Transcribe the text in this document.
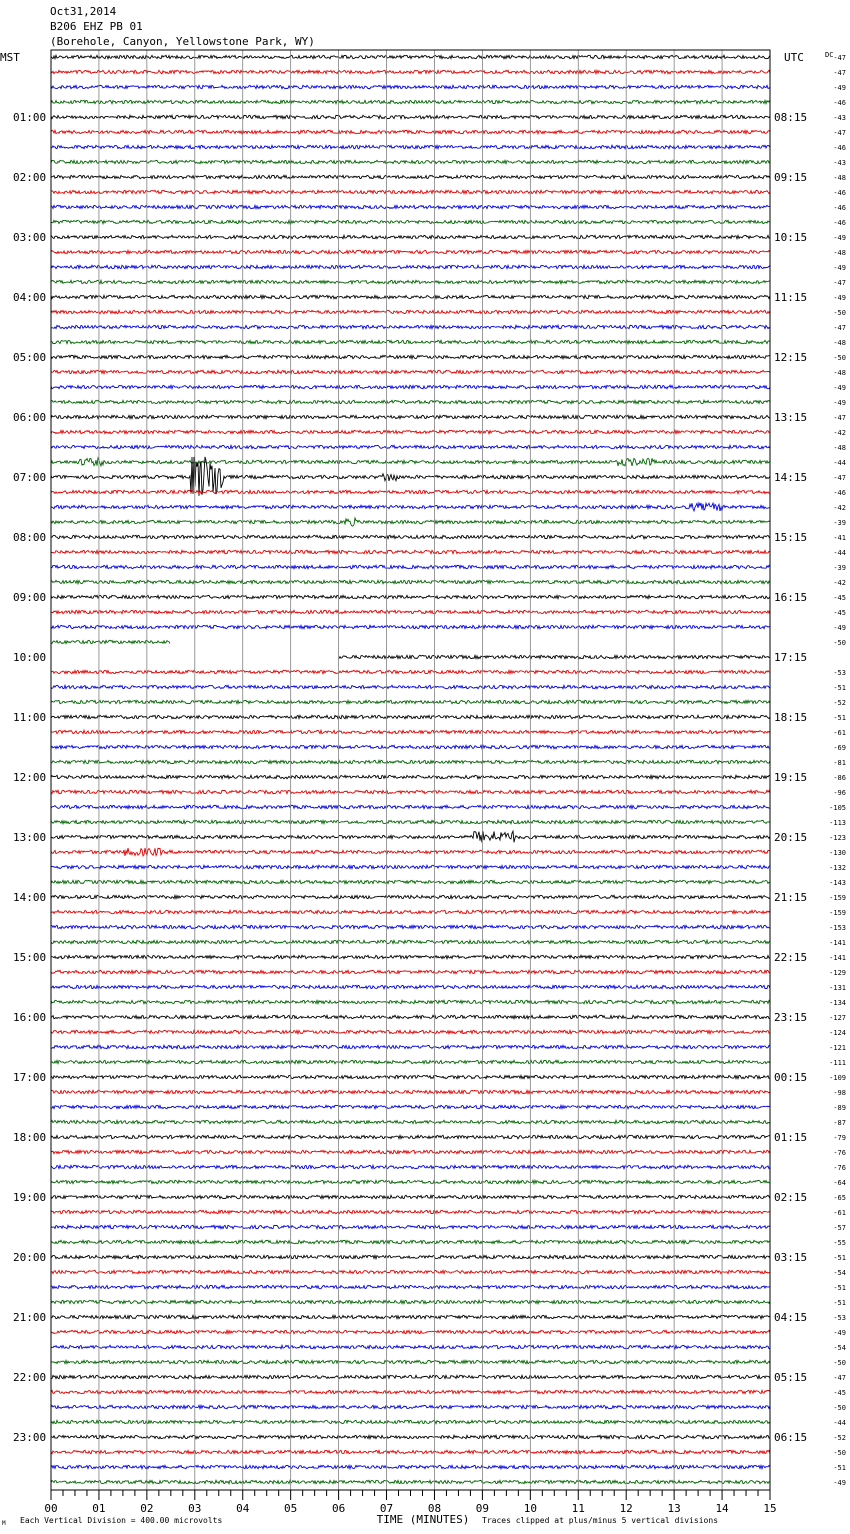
Oct31,2014
B206 EHZ PB 01
(Borehole, Canyon, Yellowstone Park, WY)
MST	UTC	DC
TIME (MINUTES)
Each Vertical Division = 400.00 microvolts	Traces clipped at plus/minus 5 vertical divisions
M
01:00
02:00
03:00
04:00
05:00
06:00
07:00
08:00
09:00
10:00
11:00
12:00
13:00
14:00
15:00
16:00
17:00
18:00
19:00
20:00
21:00
22:00
23:00
08:15
09:15
10:15
11:15
12:15
13:15
14:15
15:15
16:15
17:15
18:15
19:15
20:15
21:15
22:15
23:15
00:15
01:15
02:15
03:15
04:15
05:15
06:15
-47
-47
-49
-46
-43
-47
-46
-43
-48
-46
-46
-46
-49
-48
-49
-47
-49
-50
-47
-48
-50
-48
-49
-49
-47
-42
-48
-44
-47
-46
-42
-39
-41
-44
-39
-42
-45
-45
-49
-50
-53
-51
-52
-51
-61
-69
-81
-86
-96
-105
-113
-123
-130
-132
-143
-159
-159
-153
-141
-141
-129
-131
-134
-127
-124
-121
-111
-109
-98
-89
-87
-79
-76
-76
-64
-65
-61
-57
-55
-51
-54
-51
-51
-53
-49
-54
-50
-47
-45
-50
-44
-52
-50
-51
-49
00	01	02	03	04	05	06	07	08	09	10	11	12	13	14	15
